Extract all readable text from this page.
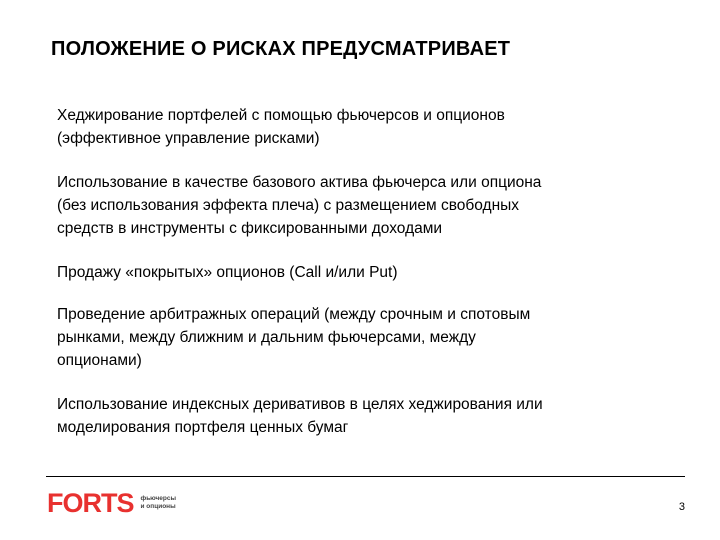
ПОЛОЖЕНИЕ О РИСКАХ ПРЕДУСМАТРИВАЕТ
Хеджирование портфелей с помощью фьючерсов и опционов
(эффективное управление рисками)
Использование в качестве базового актива фьючерса или опциона
(без использования эффекта плеча) с размещением свободных
средств в инструменты с фиксированными доходами
Продажу «покрытых» опционов (Call и/или Put)
Проведение арбитражных операций (между срочным и спотовым
рынками, между ближним и дальним фьючерсами, между
опционами)
Использование индексных деривативов в целях хеджирования или
моделирования портфеля ценных бумаг
FORTS фьючерсы
и опционы	3
